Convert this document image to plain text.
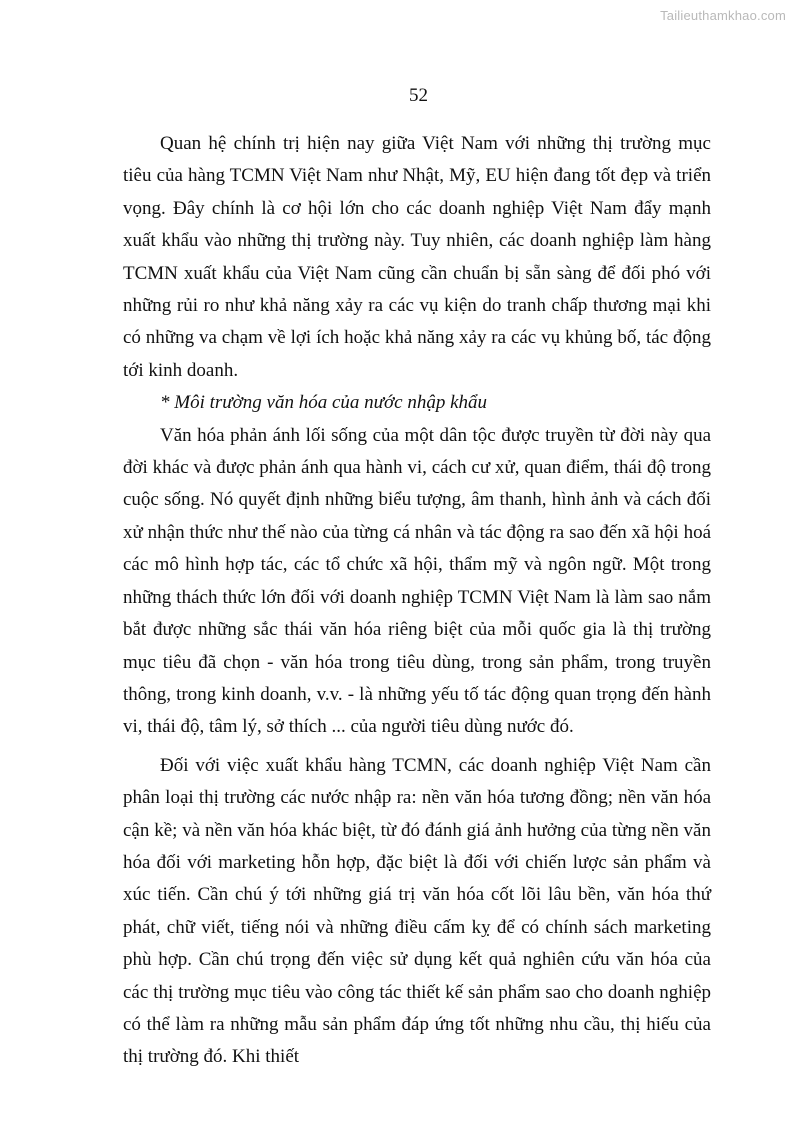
Tailieuthamkhao.com
52

Quan hệ chính trị hiện nay giữa Việt Nam với những thị trường mục tiêu của hàng TCMN Việt Nam như Nhật, Mỹ, EU hiện đang tốt đẹp và triển vọng. Đây chính là cơ hội lớn cho các doanh nghiệp Việt Nam đẩy mạnh xuất khẩu vào những thị trường này. Tuy nhiên, các doanh nghiệp làm hàng TCMN xuất khẩu của Việt Nam cũng cần chuẩn bị sẵn sàng để đối phó với những rủi ro như khả năng xảy ra các vụ kiện do tranh chấp thương mại khi có những va chạm về lợi ích hoặc khả năng xảy ra các vụ khủng bố, tác động tới kinh doanh.

* Môi trường văn hóa của nước nhập khẩu

Văn hóa phản ánh lối sống của một dân tộc được truyền từ đời này qua đời khác và được phản ánh qua hành vi, cách cư xử, quan điểm, thái độ trong cuộc sống. Nó quyết định những biểu tượng, âm thanh, hình ảnh và cách đối xử nhận thức như thế nào của từng cá nhân và tác động ra sao đến xã hội hoá các mô hình hợp tác, các tổ chức xã hội, thẩm mỹ và ngôn ngữ. Một trong những thách thức lớn đối với doanh nghiệp TCMN Việt Nam là làm sao nắm bắt được những sắc thái văn hóa riêng biệt của mỗi quốc gia là thị trường mục tiêu đã chọn - văn hóa trong tiêu dùng, trong sản phẩm, trong truyền thông, trong kinh doanh, v.v. - là những yếu tố tác động quan trọng đến hành vi, thái độ, tâm lý, sở thích ... của người tiêu dùng nước đó.

Đối với việc xuất khẩu hàng TCMN, các doanh nghiệp Việt Nam cần phân loại thị trường các nước nhập ra: nền văn hóa tương đồng; nền văn hóa cận kề; và nền văn hóa khác biệt, từ đó đánh giá ảnh hưởng của từng nền văn hóa đối với marketing hỗn hợp, đặc biệt là đối với chiến lược sản phẩm và xúc tiến. Cần chú ý tới những giá trị văn hóa cốt lõi lâu bền, văn hóa thứ phát, chữ viết, tiếng nói và những điều cấm kỵ để có chính sách marketing phù hợp. Cần chú trọng đến việc sử dụng kết quả nghiên cứu văn hóa của các thị trường mục tiêu vào công tác thiết kế sản phẩm sao cho doanh nghiệp có thể làm ra những mẫu sản phẩm đáp ứng tốt những nhu cầu, thị hiếu của thị trường đó. Khi thiết
